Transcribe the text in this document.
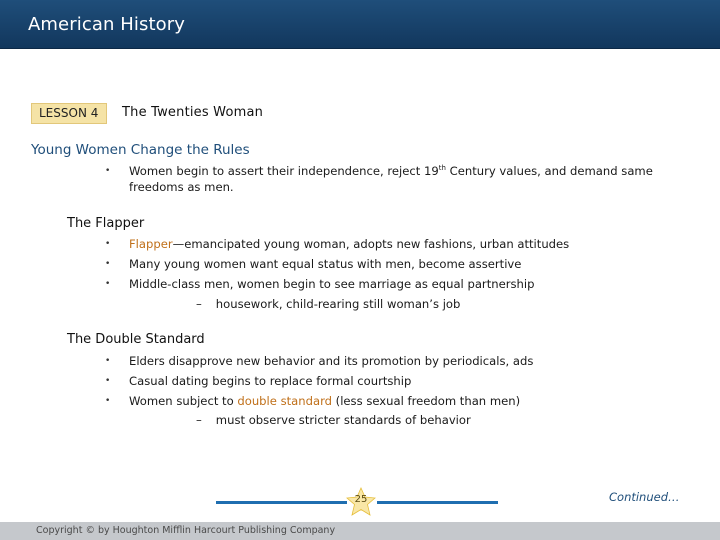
American History
LESSON 4	The Twenties Woman
Young Women Change the Rules
• Women begin to assert their independence, reject 19th Century values, and demand same
freedoms as men.
The Flapper
• Flapper—emancipated young woman, adopts new fashions, urban attitudes
• Many young women want equal status with men, become assertive
• Middle-class men, women begin to see marriage as equal partnership
– housework, child-rearing still woman’s job
The Double Standard
• Elders disapprove new behavior and its promotion by periodicals, ads
• Casual dating begins to replace formal courtship
• Women subject to double standard (less sexual freedom than men)
– must observe stricter standards of behavior
25	Continued…
Copyright © by Houghton Mifflin Harcourt Publishing Company
